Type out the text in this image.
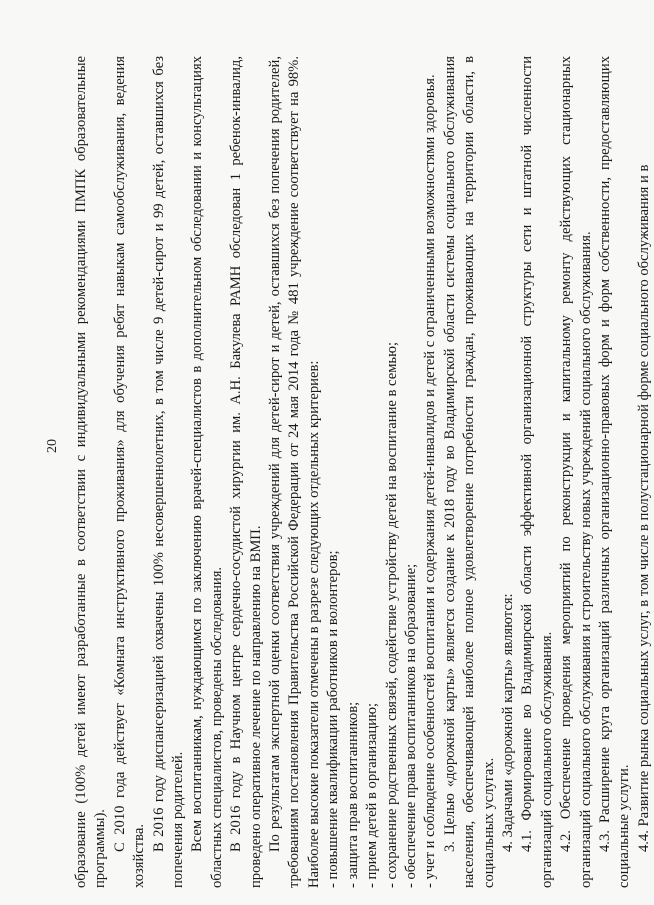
20 образование (100% детей имеют разработанные в соответствии с индивидуальными рекомендациями ПМПК образовательные программы). С 2010 года действует «Комната инструктивного проживания» для обучения ребят навыкам самообслуживания, ведения хозяйства.

В 2016 году диспансеризацией охвачены 100% несовершеннолетних, в том числе 9 детей-сирот и 99 детей, оставшихся без попечения родителей. Всем воспитанникам, нуждающимся по заключению врачей-специалистов в дополнительном обследовании и консультациях областных специалистов, проведены обследования. В 2016 году в Научном центре сердечно-сосудистой хирургии им. А.Н. Бакулева РАМН обследован 1 ребенок-инвалид, проведено оперативное лечение по направлению на ВМП. По результатам экспертной оценки соответствия учреждений для детей-сирот и детей, оставшихся без попечения родителей, требованиям постановления Правительства Российской Федерации от 24 мая 2014 года № 481 учреждение соответствует на 98%. Наиболее высокие показатели отмечены в разрезе следующих отдельных критериев: - повышение квалификации работников и волонтеров; - защита прав воспитанников; - прием детей в организацию; - сохранение родственных связей, содействие устройству детей на воспитание в семью; - обеспечение права воспитанников на образование; - учет и соблюдение особенностей воспитания и содержания детей-инвалидов и детей с ограниченными возможностями здоровья. 3. Целью «дорожной карты» является создание к 2018 году во Владимирской области системы социального обслуживания населения, обеспечивающей наиболее полное удовлетворение потребности граждан, проживающих на территории области, в социальных услугах. 4. Задачами «дорожной карты» являются: 4.1. Формирование во Владимирской области эффективной организационной структуры сети и штатной численности организаций социального обслуживания. 4.2. Обеспечение проведения мероприятий по реконструкции и капитальному ремонту действующих стационарных организаций социального обслуживания и строительству новых учреждений социального обслуживания. 4.3. Расширение круга организаций различных организационно-правовых форм и форм собственности, предоставляющих социальные услуги. 4.4. Развитие рынка социальных услуг, в том числе в полустационарной форме социального обслуживания и в
